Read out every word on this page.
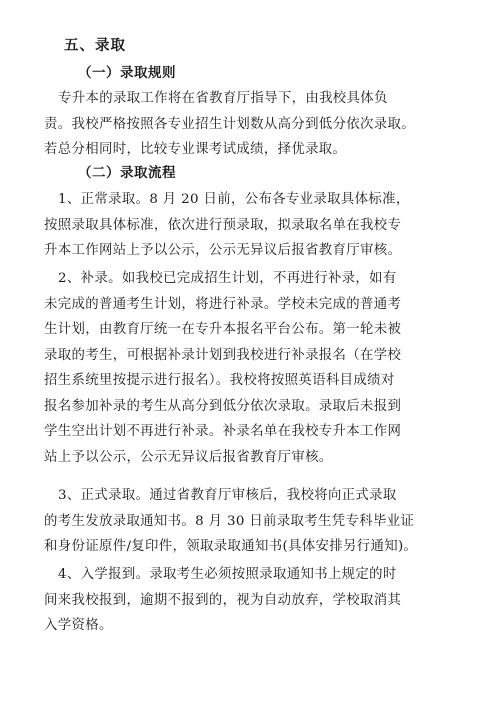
五、录取
（一）录取规则
专升本的录取工作将在省教育厅指导下，由我校具体负
责。我校严格按照各专业招生计划数从高分到低分依次录取。
若总分相同时，比较专业课考试成绩，择优录取。
（二）录取流程
1、正常录取。8 月 20 日前，公布各专业录取具体标准，
按照录取具体标准，依次进行预录取，拟录取名单在我校专
升本工作网站上予以公示，公示无异议后报省教育厅审核。
2、补录。如我校已完成招生计划，不再进行补录，如有
未完成的普通考生计划，将进行补录。学校未完成的普通考
生计划，由教育厅统一在专升本报名平台公布。第一轮未被
录取的考生，可根据补录计划到我校进行补录报名（在学校
招生系统里按提示进行报名）。我校将按照英语科目成绩对
报名参加补录的考生从高分到低分依次录取。录取后未报到
学生空出计划不再进行补录。补录名单在我校专升本工作网
站上予以公示，公示无异议后报省教育厅审核。
3、正式录取。通过省教育厅审核后，我校将向正式录取
的考生发放录取通知书。8 月 30 日前录取考生凭专科毕业证
和身份证原件/复印件，领取录取通知书(具体安排另行通知)。
4、入学报到。录取考生必须按照录取通知书上规定的时
间来我校报到，逾期不报到的，视为自动放弃，学校取消其
入学资格。
